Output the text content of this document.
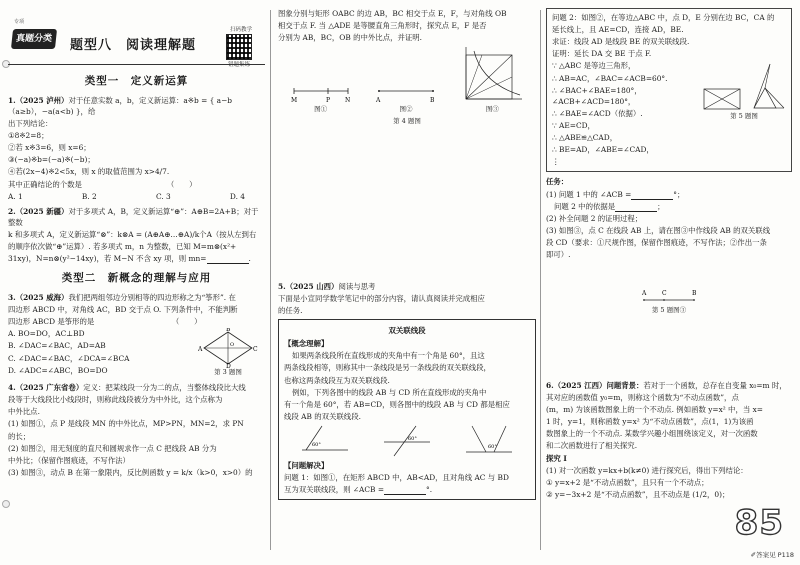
专项
真题分类	题型八　阅读理解题
扫码教学
错题集练
类型一　定义新运算
1.（2025 泸州）对于任意实数 a，b，定义新运算：a※b = { a−b（a≥b），−a(a<b) }，给
出下列结论：
①8※2=8；
②若 x※3=6，则 x=6；
③(−a)※b=(−a)※(−b)；
④若(2x−4)※2<5x，则 x 的取值范围为 x>4/7.
其中正确结论的个数是　　　　　　　　　　　　（　　）
A. 1	B. 2	C. 3	D. 4
2.（2025 新疆）对于多项式 A，B，定义新运算“⊕”：A⊕B=2A+B；对于整数
k 和多项式 A，定义新运算“⊗”：k⊗A = (A⊕A⊕…⊕A)/k个A（按从左到右
的顺序依次做“⊕”运算）. 若多项式 m，n 为整数，已知 M=m⊗(x²+
31xy)，N=n⊗(y²−14xy)，若 M−N 不含 xy 项，则 mn=	.
类型二　新概念的理解与应用
3.（2025 威海）我们把两组邻边分别相等的四边形称之为“筝形”. 在
四边形 ABCD 中，对角线 AC，BD 交于点 O. 下列条件中，不能判断
四边形 ABCD 是筝形的是　　　　　　　　　　　（　　）
A. BO=DO，AC⊥BD
B. ∠DAC=∠BAC，AD=AB
C. ∠DAC=∠BAC，∠DCA=∠BCA
D. ∠ADC=∠ABC，BO=DO
A
B
C
D
O
第 3 题图
4.（2025 广东省卷）定义：把某线段一分为二的点，当整体线段比大线
段等于大线段比小线段时，则称此线段被分为中外比，这个点称为
中外比点.
(1) 如图①，点 P 是线段 MN 的中外比点，MP>PN，MN=2，求 PN
的长；
(2) 如图②，用无刻度的直尺和圆规求作一点 C 把线段 AB 分为
中外比；（保留作图痕迹，不写作法）
(3) 如图③，动点 B 在第一象限内，反比例函数 y = k/x（k>0，x>0）的
图象分别与矩形 OABC 的边 AB，BC 相交于点 E，F，与对角线 OB
相交于点 F. 当 △ADE 是等腰直角三角形时，探究点 E，F 是否
分别为 AB，BC，OB 的中外比点，并证明.
M	P N
图①
A	B
图②	图③
第 4 题图
5.（2025 山西）阅读与思考
下面是小宣同学数学笔记中的部分内容，请认真阅读并完成相应
的任务.
双关联线段
【概念理解】
如果两条线段所在直线形成的夹角中有一个角是 60°，且这
两条线段相等，则称其中一条线段是另一条线段的双关联线段，
也称这两条线段互为双关联线段.
例如，下列各图中的线段 AB 与 CD 所在直线形成的夹角中
有一个角是 60°，若 AB=CD，则各图中的线段 AB 与 CD 都是相应
线段 AB 的双关联线段.
60°
60°
60°
【问题解决】
问题 1：如图①，在矩形 ABCD 中，AB<AD，且对角线 AC 与 BD
互为双关联线段，则 ∠ACB =	°.
问题 2：如图②，在等边△ABC 中，点 D，E 分别在边 BC，CA 的
延长线上，且 AE=CD，连接 AD，BE.
求证：线段 AD 是线段 BE 的双关联线段.
证明：延长 DA 交 BE 于点 F.
∵ △ABC 是等边三角形，
∴ AB=AC，∠BAC=∠ACB=60°.
∴ ∠BAC+∠BAE=180°，∠ACB+∠ACD=180°，
∴ ∠BAE=∠ACD（依据）.
∵ AE=CD，
∴ △ABE≌△CAD，
∴ BE=AD，∠ABE=∠CAD，
⋮
第 5 题图
任务：
(1) 问题 1 中的 ∠ACB =	°；
问题 2 中的依据是	；
(2) 补全问题 2 的证明过程；
(3) 如图③，点 C 在线段 AB 上，请在图③中作线段 AB 的双关联线
段 CD（要求：①尺规作图，保留作图痕迹，不写作法；②作出一条
即可）.
A	C	B
第 5 题图③
6.（2025 江西）问题背景：若对于一个函数，总存在自变量 x₀=m 时，
其对应的函数值 y₀=m，则称这个函数为“不动点函数”，点
(m，m) 为该函数图象上的一个不动点. 例如函数 y=x² 中，当 x=
1 时，y=1，则称函数 y=x² 为“不动点函数”，点(1，1)为该函
数图象上的一个不动点. 某数学兴趣小组围绕该定义，对一次函数
和二次函数进行了相关探究.
探究 I
(1) 对一次函数 y=kx+b(k≠0) 进行探究后，得出下列结论：
① y=x+2 是“不动点函数”，且只有一个不动点；
② y=−3x+2 是“不动点函数”，且不动点是 (1/2，0)；
85
✐答案见 P118
